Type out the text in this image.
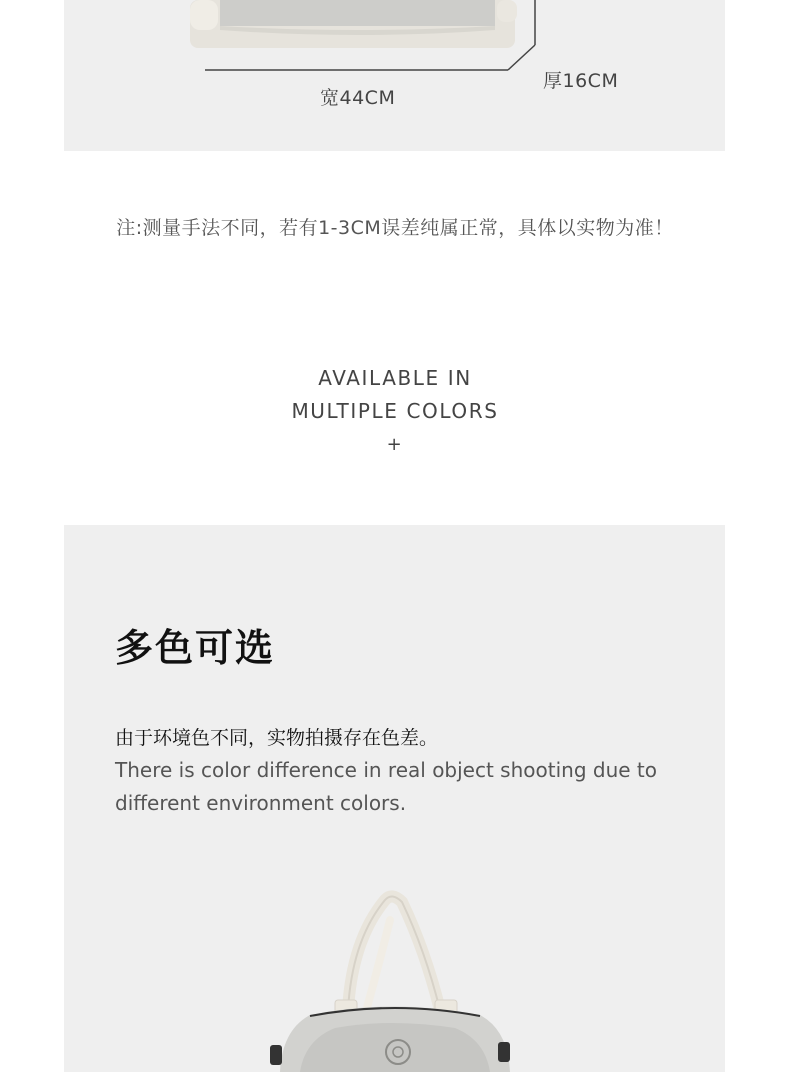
宽44CM
厚16CM
注:测量手法不同，若有1-3CM误差纯属正常，具体以实物为准！
AVAILABLE IN
MULTIPLE COLORS
+
多色可选
由于环境色不同，实物拍摄存在色差。
There is color difference in real object shooting due to different environment colors.
